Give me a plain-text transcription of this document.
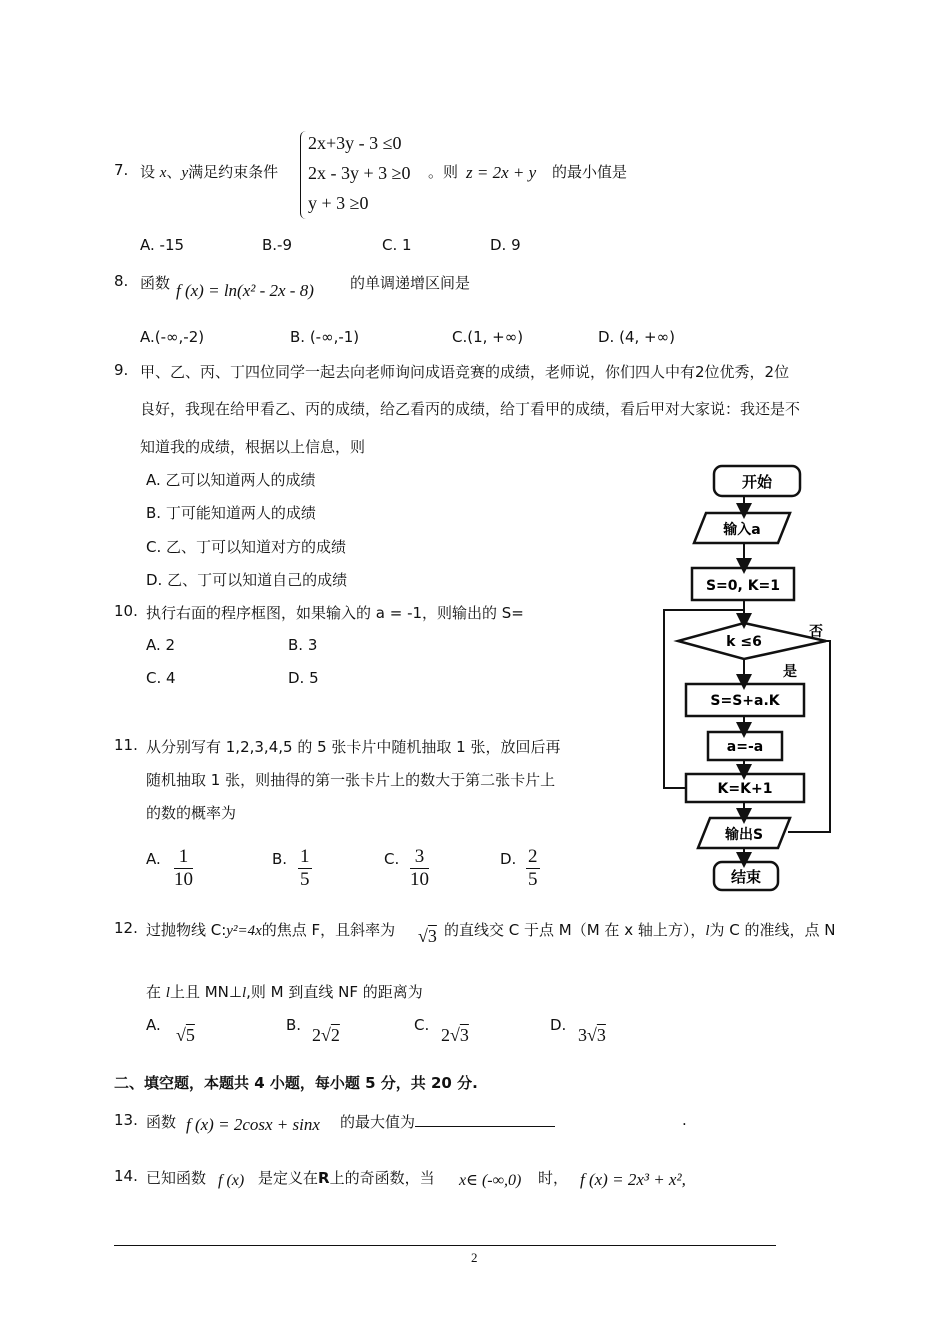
7. 设 x、y满足约束条件
2x+3y - 3 ≤0
2x - 3y + 3 ≥0
y + 3 ≥0
。则 z = 2x + y 的最小值是
A. -15	B.-9	C. 1	D. 9
8. 函数 f (x) = ln(x² - 2x - 8) 的单调递增区间是
A.(-∞,-2)	B. (-∞,-1)	C.(1, +∞)	D. (4, +∞)
9. 甲、乙、丙、丁四位同学一起去向老师询问成语竞赛的成绩，老师说，你们四人中有2位优秀，2位
良好，我现在给甲看乙、丙的成绩，给乙看丙的成绩，给丁看甲的成绩，看后甲对大家说：我还是不
知道我的成绩，根据以上信息，则
A. 乙可以知道两人的成绩
B. 丁可能知道两人的成绩
C. 乙、丁可以知道对方的成绩
D. 乙、丁可以知道自己的成绩
10. 执行右面的程序框图，如果输入的 a = -1，则输出的 S=
A. 2	B. 3
C. 4	D. 5
11. 从分别写有 1,2,3,4,5 的 5 张卡片中随机抽取 1 张，放回后再
随机抽取 1 张，则抽得的第一张卡片上的数大于第二张卡片上
的数的概率为
A. $\frac{1}{10}$	B. $\frac{1}{5}$	C. $\frac{3}{10}$	D. $\frac{2}{5}$
12. 过抛物线 C:y²=4x的焦点 F，且斜率为 √3 的直线交 C 于点 M（M 在 x 轴上方），l为 C 的准线，点 N
在 l上且 MN⊥l,则 M 到直线 NF 的距离为
A. √5	B. 2√2	C. 2√3	D. 3√3
二、填空题，本题共 4 小题，每小题 5 分，共 20 分.
13. 函数 f (x) = 2cosx + sinx 的最大值为	.
14. 已知函数 f (x) 是定义在R上的奇函数，当 x∈ (-∞,0) 时， f (x) = 2x³ + x²,
开始
输入a
S=0, K=1
k ≤6
否
是
S=S+a.K
a=-a
K=K+1
输出S
结束
2
